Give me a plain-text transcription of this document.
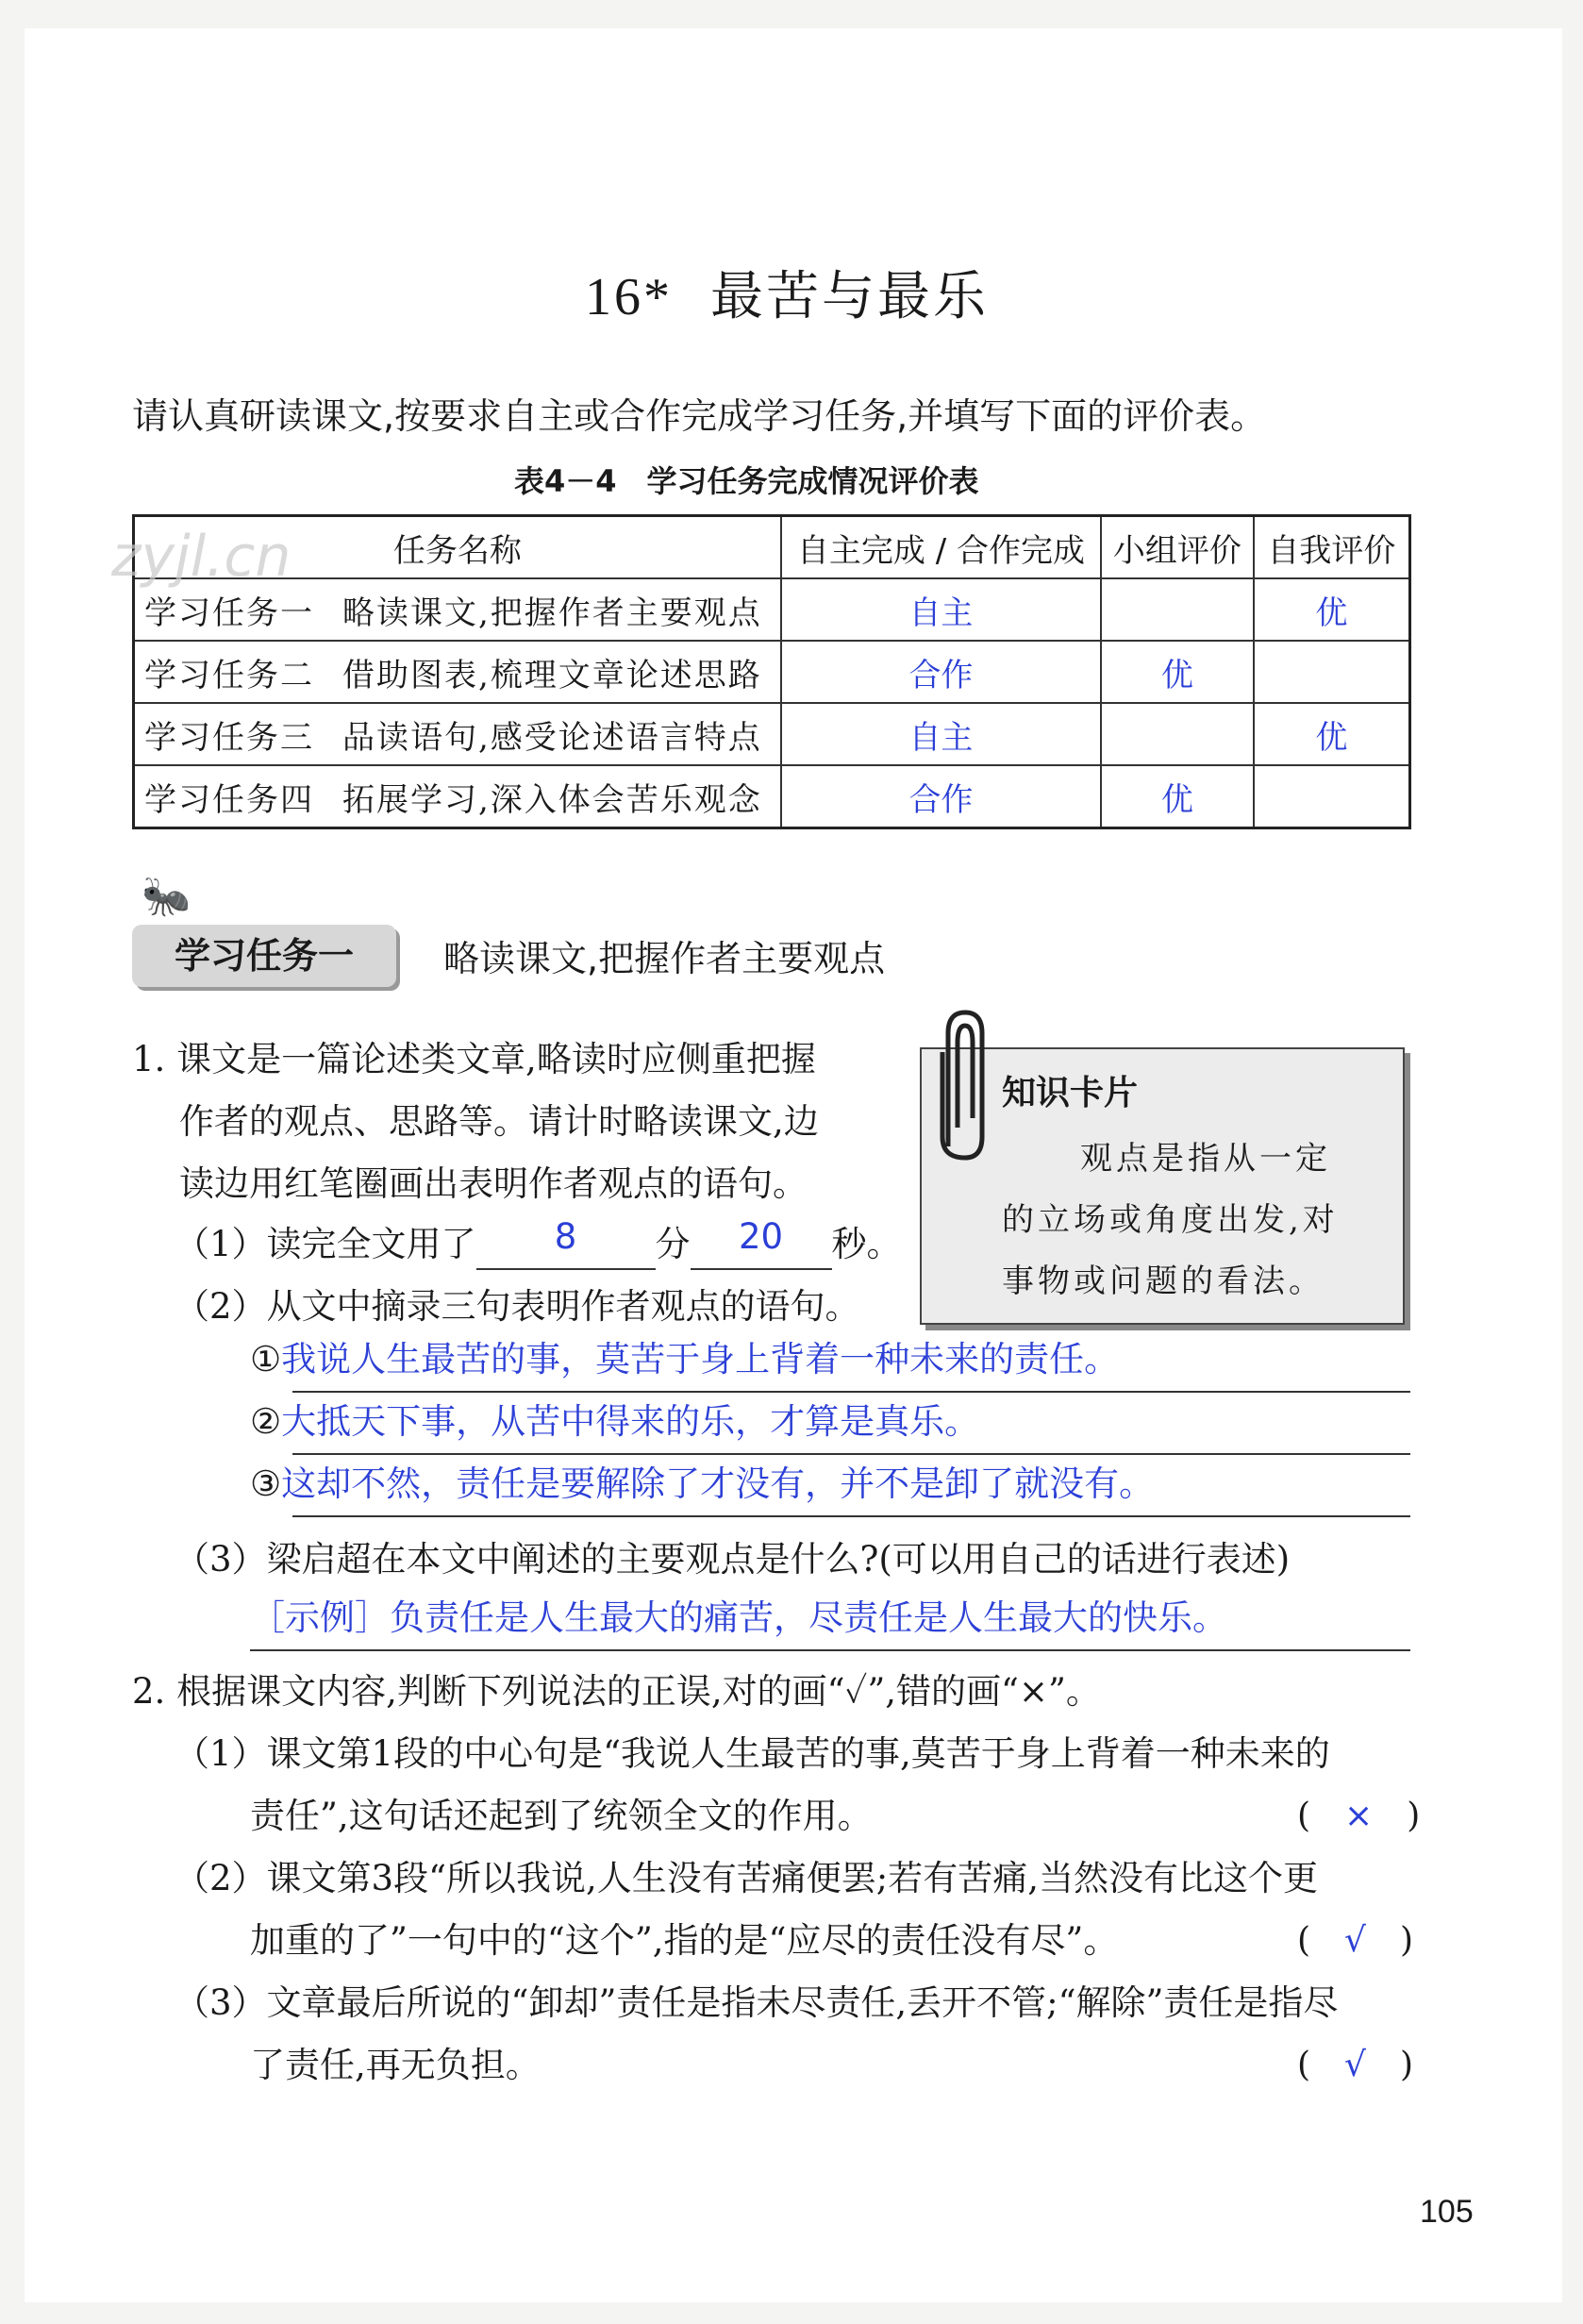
16* 最苦与最乐
请认真研读课文,按要求自主或合作完成学习任务,并填写下面的评价表。
表4－4　学习任务完成情况评价表
任务名称	自主完成 / 合作完成	小组评价	自我评价
学习任务一 略读课文,把握作者主要观点	自主		优
学习任务二 借助图表,梳理文章论述思路	合作	优	
学习任务三 品读语句,感受论述语言特点	自主		优
学习任务四 拓展学习,深入体会苦乐观念	合作	优	
zyjl.cn
🐜
学习任务一	略读课文,把握作者主要观点
1. 课文是一篇论述类文章,略读时应侧重把握
作者的观点、思路等。请计时略读课文,边
读边用红笔圈画出表明作者观点的语句。
（1）读完全文用了 8 分 20 秒。
（2）从文中摘录三句表明作者观点的语句。
①我说人生最苦的事，莫苦于身上背着一种未来的责任。
②大抵天下事，从苦中得来的乐，才算是真乐。
③这却不然，责任是要解除了才没有，并不是卸了就没有。
（3）梁启超在本文中阐述的主要观点是什么?(可以用自己的话进行表述)
［示例］负责任是人生最大的痛苦，尽责任是人生最大的快乐。
知识卡片
观点是指从一定
的立场或角度出发,对
事物或问题的看法。
2. 根据课文内容,判断下列说法的正误,对的画“✓”,错的画“×”。
（1）课文第1段的中心句是“我说人生最苦的事,莫苦于身上背着一种未来的
责任”,这句话还起到了统领全文的作用。	(　×　)
（2）课文第3段“所以我说,人生没有苦痛便罢;若有苦痛,当然没有比这个更
加重的了”一句中的“这个”,指的是“应尽的责任没有尽”。	(　√　)
（3）文章最后所说的“卸却”责任是指未尽责任,丢开不管;“解除”责任是指尽
了责任,再无负担。	(　√　)
105
